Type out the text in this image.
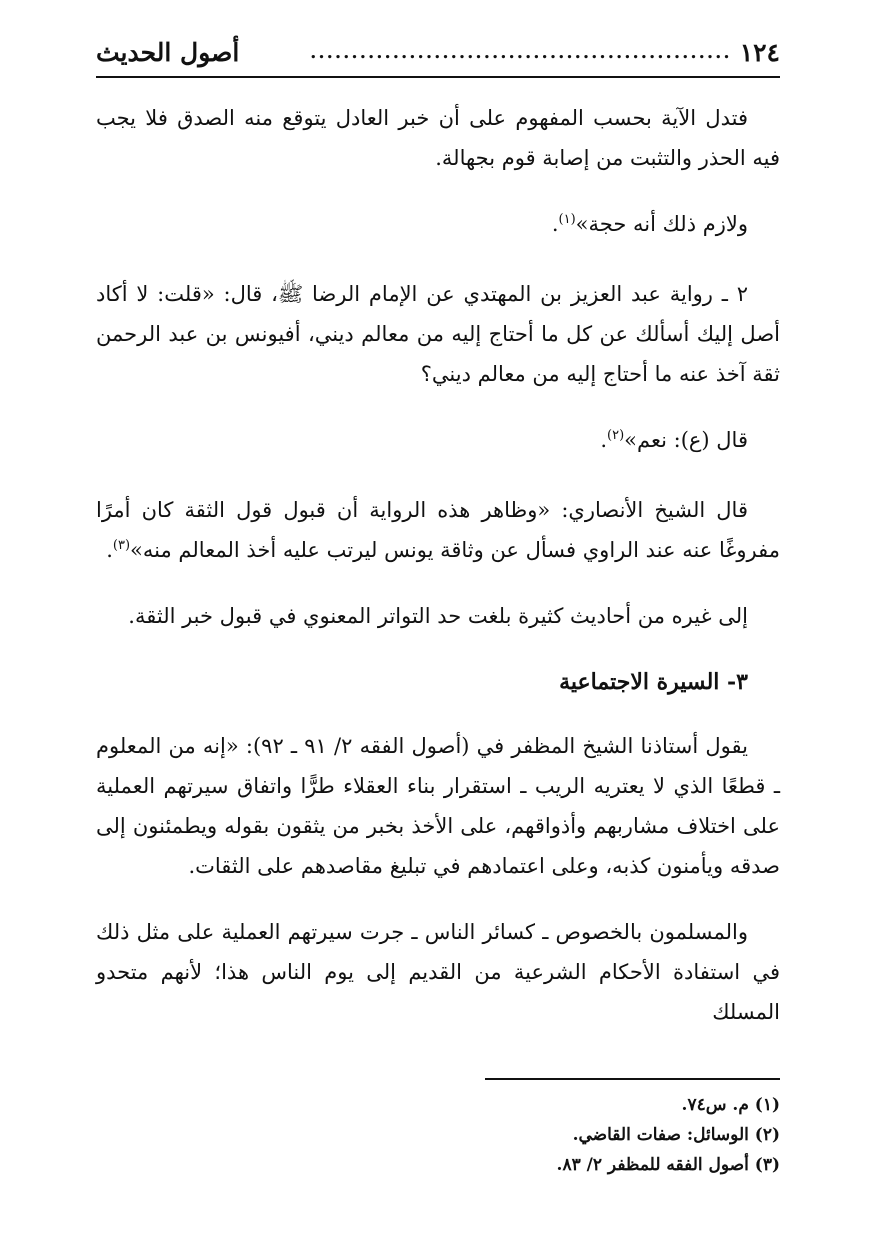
١٢٤
...................................................
أصول الحديث

فتدل الآية بحسب المفهوم على أن خبر العادل يتوقع منه الصدق فلا يجب فيه الحذر والتثبت من إصابة قوم بجهالة.

ولازم ذلك أنه حجة»$^{(١)}$.

٢ ـ رواية عبد العزيز بن المهتدي عن الإمام الرضا ﷺ، قال: «قلت: لا أكاد أصل إليك أسألك عن كل ما أحتاج إليه من معالم ديني، أفيونس بن عبد الرحمن ثقة آخذ عنه ما أحتاج إليه من معالم ديني؟

قال (ع): نعم»$^{(٢)}$.

قال الشيخ الأنصاري: «وظاهر هذه الرواية أن قبول قول الثقة كان أمرًا مفروغًا عنه عند الراوي فسأل عن وثاقة يونس ليرتب عليه أخذ المعالم منه»$^{(٣)}$.

إلى غيره من أحاديث كثيرة بلغت حد التواتر المعنوي في قبول خبر الثقة.

٣- السيرة الاجتماعية

يقول أستاذنا الشيخ المظفر في (أصول الفقه ٢/ ٩١ ـ ٩٢): «إنه من المعلوم ـ قطعًا الذي لا يعتريه الريب ـ استقرار بناء العقلاء طرًّا واتفاق سيرتهم العملية على اختلاف مشاربهم وأذواقهم، على الأخذ بخبر من يثقون بقوله ويطمئنون إلى صدقه ويأمنون كذبه، وعلى اعتمادهم في تبليغ مقاصدهم على الثقات.

والمسلمون بالخصوص ـ كسائر الناس ـ جرت سيرتهم العملية على مثل ذلك في استفادة الأحكام الشرعية من القديم إلى يوم الناس هذا؛ لأنهم متحدو المسلك

(١) م. س٧٤.
(٢) الوسائل: صفات القاضي.
(٣) أصول الفقه للمظفر ٢/ ٨٣.
